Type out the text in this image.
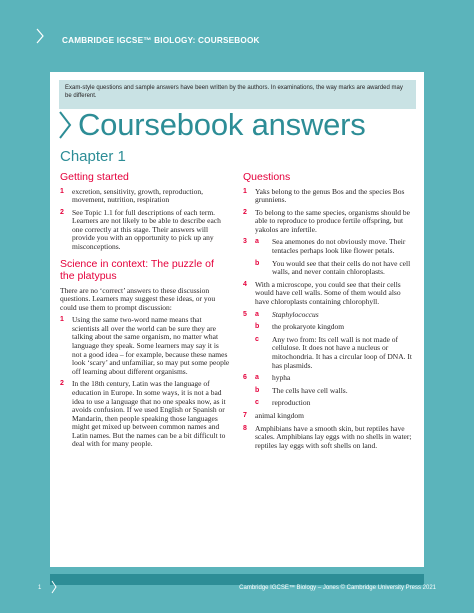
CAMBRIDGE IGCSE™ BIOLOGY: COURSEBOOK
Exam-style questions and sample answers have been written by the authors. In examinations, the way marks are awarded may be different.
Coursebook answers
Chapter 1
Getting started
1	excretion, sensitivity, growth, reproduction, movement, nutrition, respiration
2	See Topic 1.1 for full descriptions of each term. Learners are not likely to be able to describe each one correctly at this stage. Their answers will provide you with an opportunity to pick up any misconceptions.
Science in context: The puzzle of the platypus
There are no ‘correct’ answers to these discussion questions. Learners may suggest these ideas, or you could use them to prompt discussion:
1	Using the same two-word name means that scientists all over the world can be sure they are talking about the same organism, no matter what language they speak. Some learners may say it is not a good idea – for example, because these names look ‘scary’ and unfamiliar, so may put some people off learning about different organisms.
2	In the 18th century, Latin was the language of education in Europe. In some ways, it is not a bad idea to use a language that no one speaks now, as it avoids confusion. If we used English or Spanish or Mandarin, then people speaking those languages might get mixed up between common names and Latin names. But the names can be a bit difficult to deal with for many people.
Questions
1	Yaks belong to the genus Bos and the species Bos grunniens.
2	To belong to the same species, organisms should be able to reproduce to produce fertile offspring, but yakolos are infertile.
3	a	Sea anemones do not obviously move. Their tentacles perhaps look like flower petals.
b	You would see that their cells do not have cell walls, and never contain chloroplasts.
4	With a microscope, you could see that their cells would have cell walls. Some of them would also have chloroplasts containing chlorophyll.
5	a	Staphylococcus
b	the prokaryote kingdom
c	Any two from: Its cell wall is not made of cellulose. It does not have a nucleus or mitochondria. It has a circular loop of DNA. It has plasmids.
6	a	hypha
b	The cells have cell walls.
c	reproduction
7	animal kingdom
8	Amphibians have a smooth skin, but reptiles have scales. Amphibians lay eggs with no shells in water; reptiles lay eggs with soft shells on land.
1	Cambridge IGCSE™ Biology – Jones © Cambridge University Press 2021
